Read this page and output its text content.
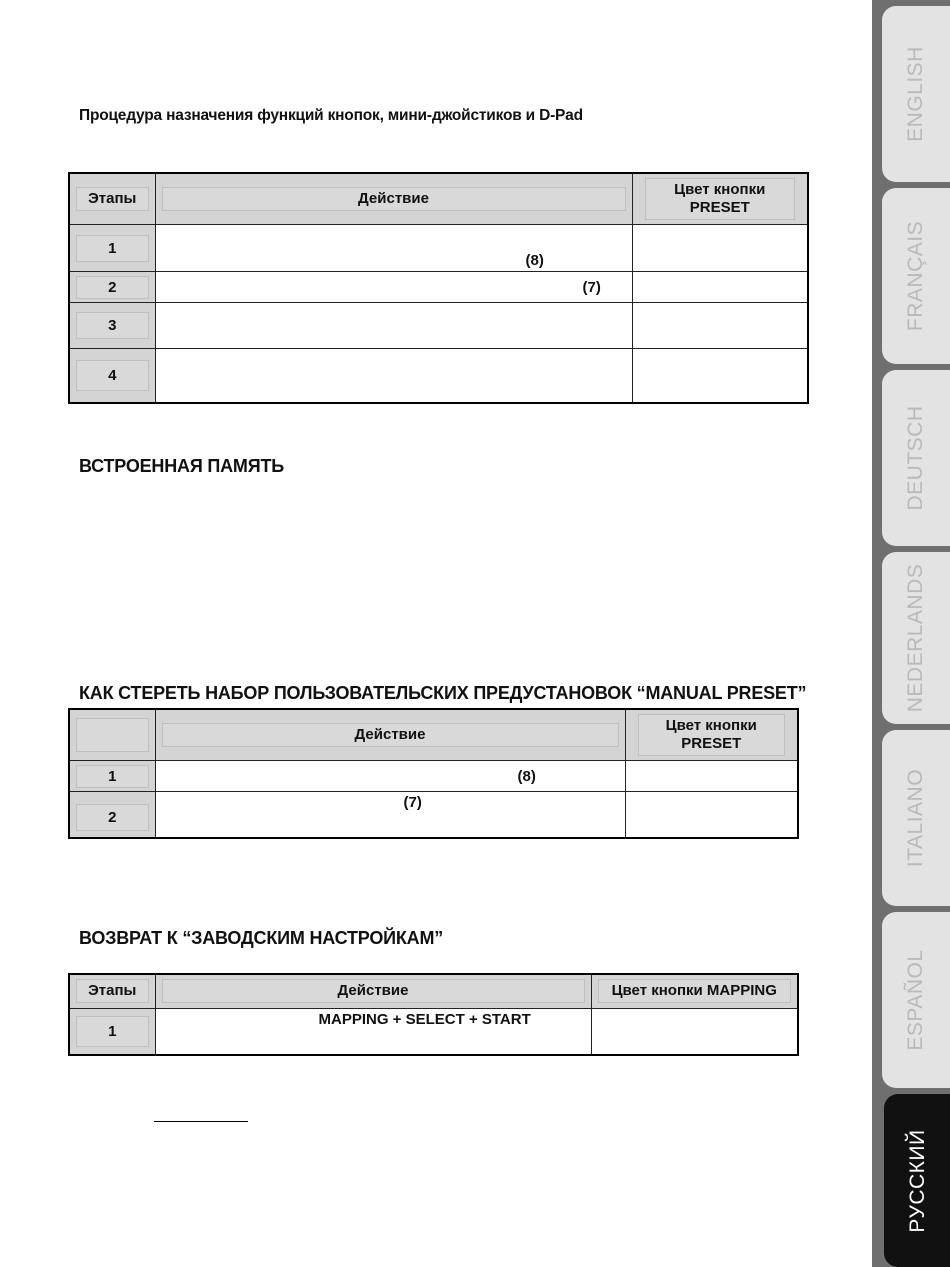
Процедура назначения функций кнопок, мини-джойстиков и D-Pad
Этапы	Действие	Цвет кнопки PRESET

1	(8)	

2	(7)	

3		

4		

ВСТРОЕННАЯ ПАМЯТЬ
КАК СТЕРЕТЬ НАБОР ПОЛЬЗОВАТЕЛЬСКИХ ПРЕДУСТАНОВОК “MANUAL PRESET”

	Действие	Цвет кнопки PRESET

1	(8)	

2	(7)	

ВОЗВРАТ К “ЗАВОДСКИМ НАСТРОЙКАМ”
Этапы	Действие	Цвет кнопки MAPPING

1	MAPPING + SELECT + START	

ENGLISH
FRANÇAIS
DEUTSCH
NEDERLANDS
ITALIANO
ESPAÑOL
РУССКИЙ
